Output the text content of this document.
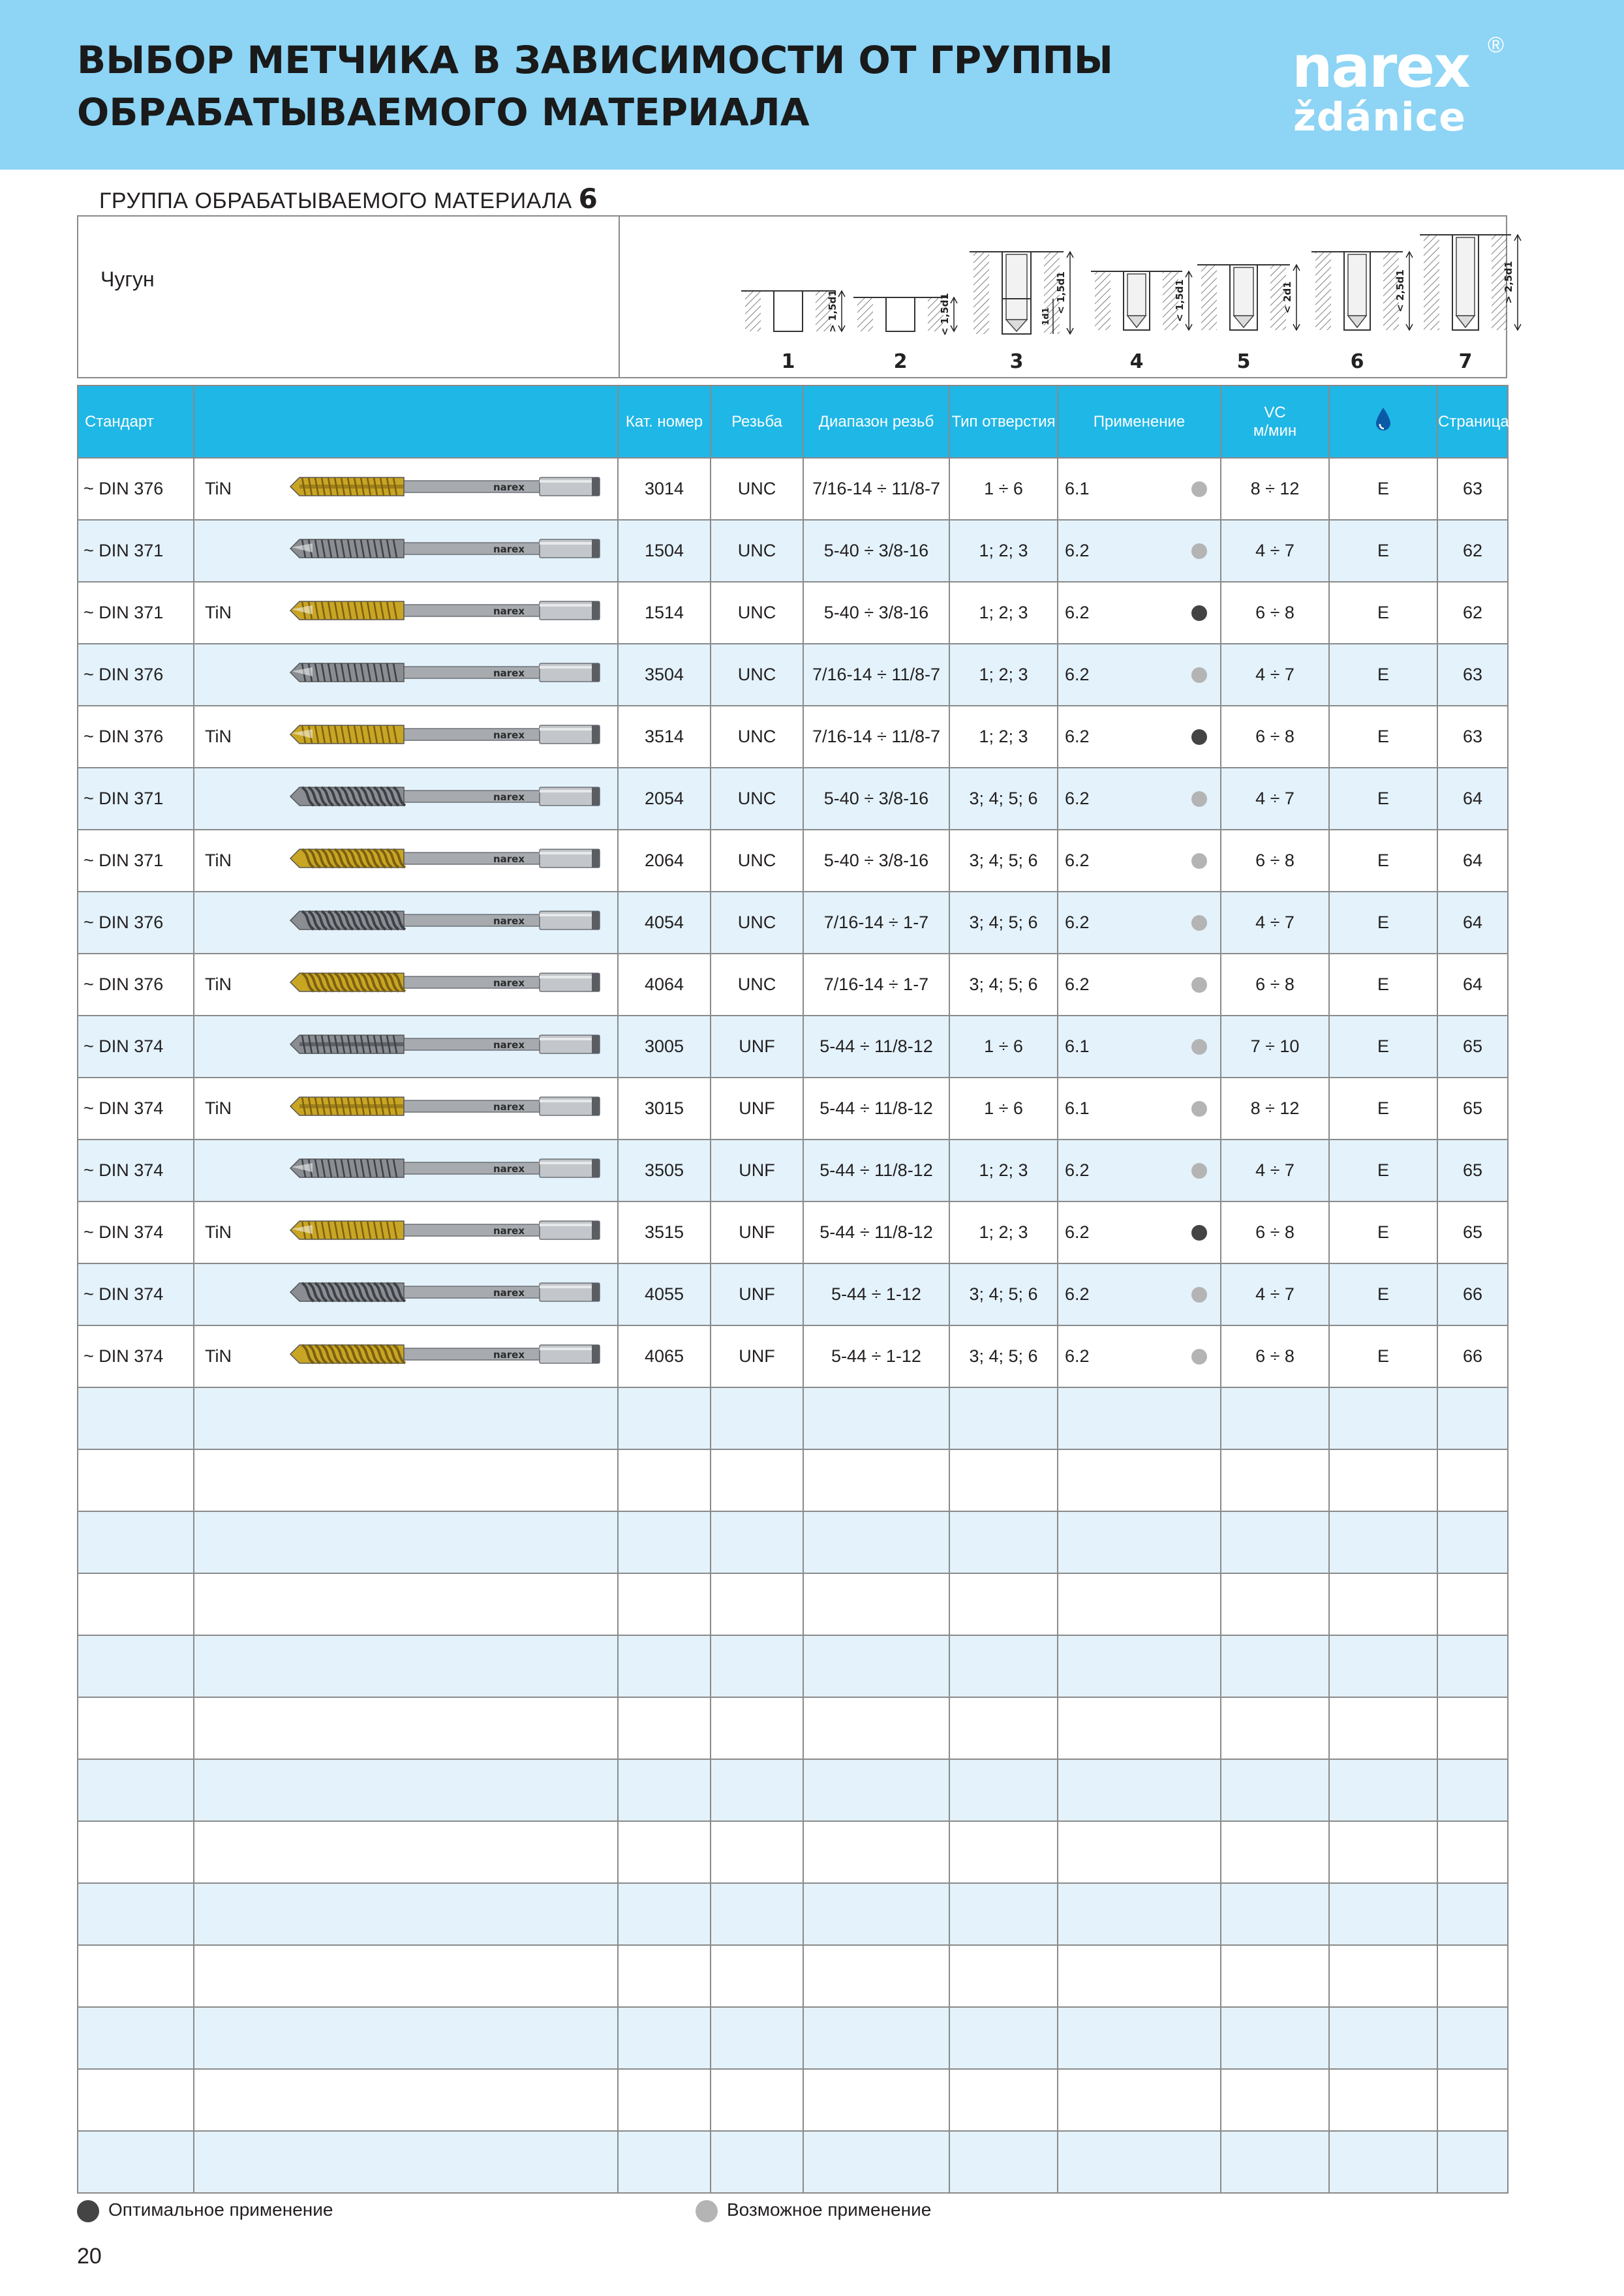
ВЫБОР МЕТЧИКА В ЗАВИСИМОСТИ ОТ ГРУППЫ
ОБРАБАТЫВАЕМОГО МАТЕРИАЛА
narex
ždánice
®
ГРУППА ОБРАБАТЫВАЕМОГО МАТЕРИАЛА 6
Чугун
> 1,5d1
1
< 1,5d1
2
< 1,5d1
1d1
3
< 1,5d1
4
< 2d1
5
< 2,5d1
6
> 2,5d1
7
Стандарт			Кат. номер	Резьба	Диапазон резьб	Тип отверстия	Применение	VC
м/мин		Страница
~ DIN 376	TiN	narex	3014	UNC	7/16-14 ÷ 11/8-7	1 ÷ 6	6.1	8 ÷ 12	E	63
~ DIN 371		narex	1504	UNC	5-40 ÷ 3/8-16	1; 2; 3	6.2	4 ÷ 7	E	62
~ DIN 371	TiN	narex	1514	UNC	5-40 ÷ 3/8-16	1; 2; 3	6.2	6 ÷ 8	E	62
~ DIN 376		narex	3504	UNC	7/16-14 ÷ 11/8-7	1; 2; 3	6.2	4 ÷ 7	E	63
~ DIN 376	TiN	narex	3514	UNC	7/16-14 ÷ 11/8-7	1; 2; 3	6.2	6 ÷ 8	E	63
~ DIN 371		narex	2054	UNC	5-40 ÷ 3/8-16	3; 4; 5; 6	6.2	4 ÷ 7	E	64
~ DIN 371	TiN	narex	2064	UNC	5-40 ÷ 3/8-16	3; 4; 5; 6	6.2	6 ÷ 8	E	64
~ DIN 376		narex	4054	UNC	7/16-14 ÷ 1-7	3; 4; 5; 6	6.2	4 ÷ 7	E	64
~ DIN 376	TiN	narex	4064	UNC	7/16-14 ÷ 1-7	3; 4; 5; 6	6.2	6 ÷ 8	E	64
~ DIN 374		narex	3005	UNF	5-44 ÷ 11/8-12	1 ÷ 6	6.1	7 ÷ 10	E	65
~ DIN 374	TiN	narex	3015	UNF	5-44 ÷ 11/8-12	1 ÷ 6	6.1	8 ÷ 12	E	65
~ DIN 374		narex	3505	UNF	5-44 ÷ 11/8-12	1; 2; 3	6.2	4 ÷ 7	E	65
~ DIN 374	TiN	narex	3515	UNF	5-44 ÷ 11/8-12	1; 2; 3	6.2	6 ÷ 8	E	65
~ DIN 374		narex	4055	UNF	5-44 ÷ 1-12	3; 4; 5; 6	6.2	4 ÷ 7	E	66
~ DIN 374	TiN	narex	4065	UNF	5-44 ÷ 1-12	3; 4; 5; 6	6.2	6 ÷ 8	E	66

Оптимальное применение	Возможное применение
20
